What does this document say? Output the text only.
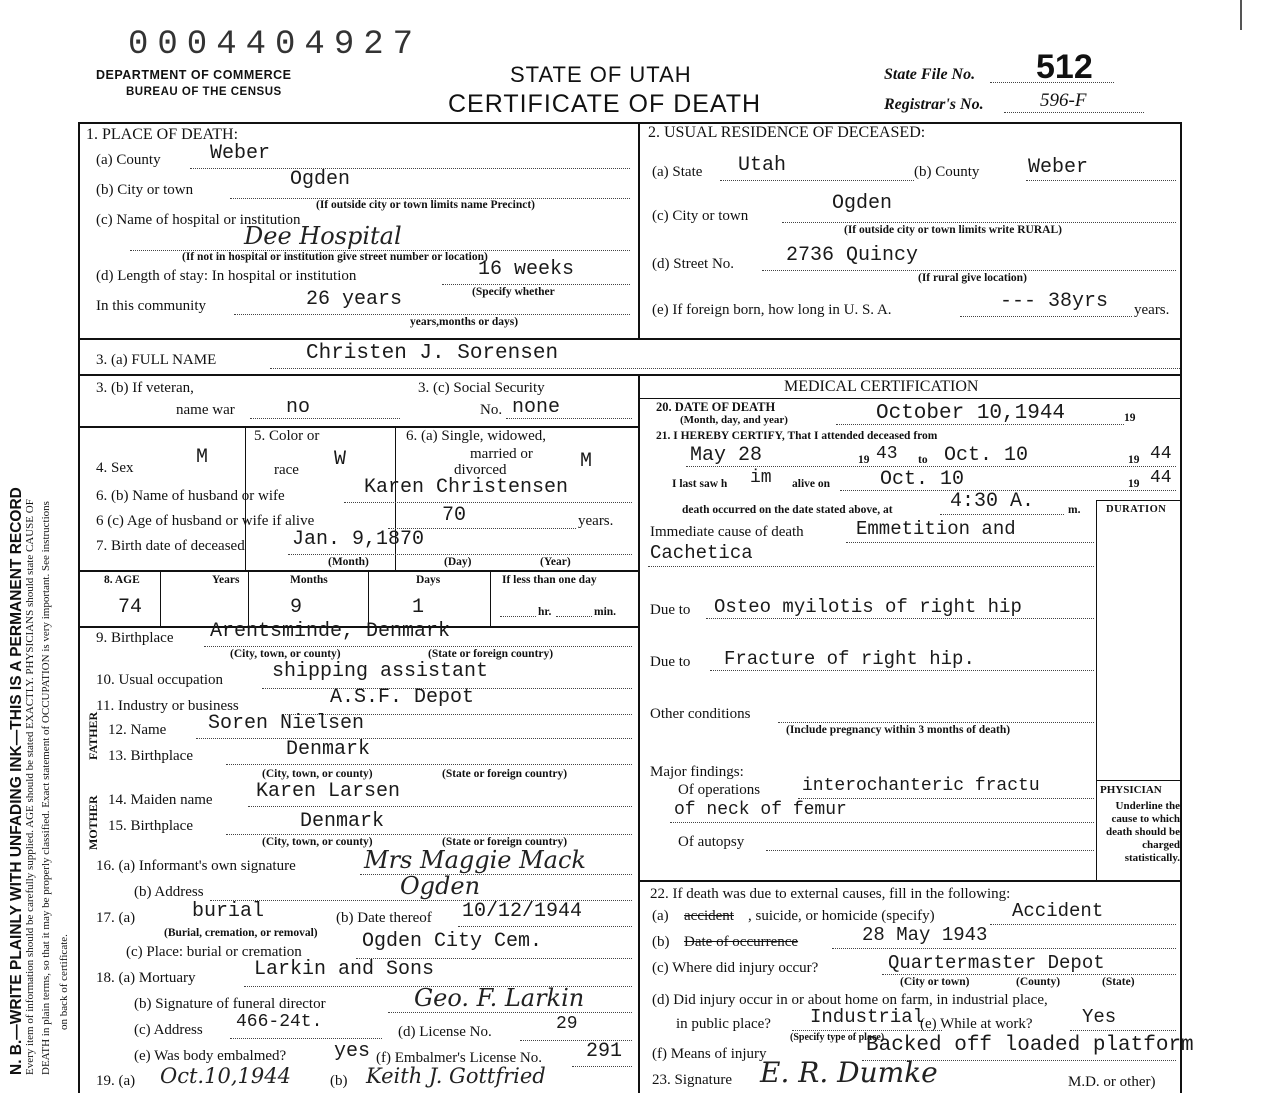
N. B.—WRITE PLAINLY WITH UNFADING INK—THIS IS A PERMANENT RECORD Every item of information should be carefully supplied. AGE should be stated EXACTLY. PHYSICIANS should state CAUSE OF DEATH in plain terms, so that it may be properly classified. Exact statement of OCCUPATION is very important. See instructions on back of certificate.
0004404927
DEPARTMENT OF COMMERCE
BUREAU OF THE CENSUS
STATE OF UTAH
CERTIFICATE OF DEATH
State File No. 512
Registrar's No.	596-F
1. PLACE OF DEATH:
(a) County Weber
(b) City or town	Ogden
(If outside city or town limits name Precinct)
(c) Name of hospital or institution
Dee Hospital
(If not in hospital or institution give street number or location)
(d) Length of stay: In hospital or institution	16 weeks
(Specify whether
In this community	26 years
years,months or days)
2. USUAL RESIDENCE OF DECEASED:
(a) State Utah	(b) County Weber
(c) City or town
Ogden
(If outside city or town limits write RURAL)
(d) Street No.	2736 Quincy
(If rural give location)
(e) If foreign born, how long in U. S. A.	--- 38yrs years.
3. (a) FULL NAME	Christen J. Sorensen
3. (b) If veteran,
name war	no
3. (c) Social Security
No. none
4. Sex	M
5. Color or
race W
6. (a) Single, widowed,
married or
divorced	M
6. (b) Name of husband or wife	Karen Christensen
6 (c) Age of husband or wife if alive	70	years.
7. Birth date of deceased Jan. 9,1870
(Month)	(Day)	(Year)
8. AGE	Years	Months	Days	If less than one day
74	9	1	hr.	min.
9. Birthplace Arentsminde, Denmark
(City, town, or county)	(State or foreign country)
10. Usual occupation shipping assistant
11. Industry or business	A.S.F. Depot
FATHER 12. Name Soren Nielsen
13. Birthplace	Denmark
(City, town, or county)	(State or foreign country)
MOTHER 14. Maiden name Karen Larsen
15. Birthplace	Denmark
(City, town, or county)	(State or foreign country)
16. (a) Informant's own signature	Mrs Maggie Mack
(b) Address	Ogden
17. (a)	burial
(Burial, cremation, or removal)
(b) Date thereof 10/12/1944
(c) Place: burial or cremation	Ogden City Cem.
18. (a) Mortuary	Larkin and Sons
(b) Signature of funeral director	Geo. F. Larkin
(c) Address 466-24t.	(d) License No.	29
(e) Was body embalmed? yes (f) Embalmer's License No. 291
19. (a) Oct.10,1944	(b) Keith J. Gottfried
MEDICAL CERTIFICATION
20. DATE OF DEATH
(Month, day, and year)	October 10,1944	19
21. I HEREBY CERTIFY, That I attended deceased from
May 28	19 43 to Oct. 10	19 44
I last saw h im alive on Oct. 10	19 44
death occurred on the date stated above, at	4:30 A.	m. DURATION
Immediate cause of death	Emmetition and
Cachetica
Due to Osteo myilotis of right hip
Due to Fracture of right hip.
Other conditions
(Include pregnancy within 3 months of death)
Major findings:
Of operations interochanteric fractu
of neck of femur
Of autopsy
PHYSICIAN
Underline the cause to which death should be charged statistically.
22. If death was due to external causes, fill in the following:
(a) accident , suicide, or homicide (specify)	Accident
(b) Date of occurrence	28 May 1943
(c) Where did injury occur?	Quartermaster Depot
(City or town)	(County)	(State)
(d) Did injury occur in or about home on farm, in industrial place,
in public place? Industrial
(Specify type of place)
(e) While at work?	Yes
(f) Means of injury	Backed off loaded platform
23. Signature E. R. Dumke	M.D. or other)
